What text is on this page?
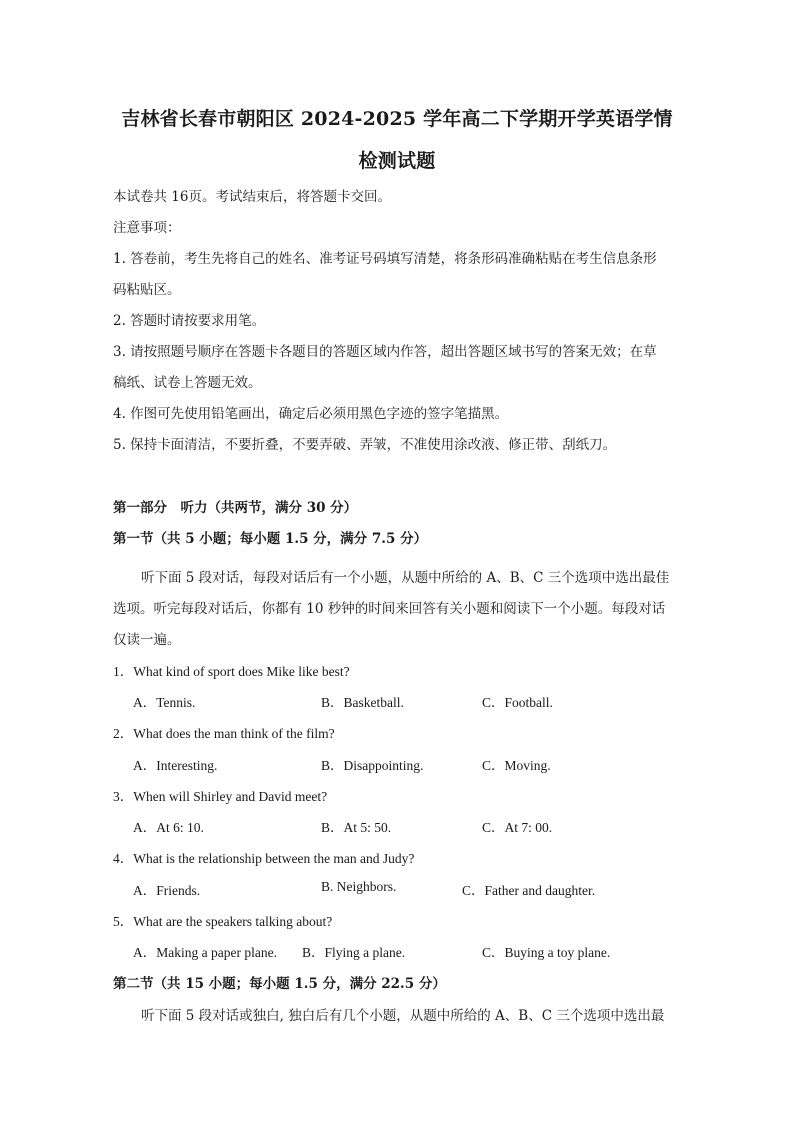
吉林省长春市朝阳区 2024-2025 学年高二下学期开学英语学情
检测试题
本试卷共 16页。考试结束后，将答题卡交回。
注意事项：
1. 答卷前，考生先将自己的姓名、准考证号码填写清楚，将条形码准确粘贴在考生信息条形
码粘贴区。
2. 答题时请按要求用笔。
3. 请按照题号顺序在答题卡各题目的答题区域内作答，超出答题区域书写的答案无效；在草
稿纸、试卷上答题无效。
4. 作图可先使用铅笔画出，确定后必须用黑色字迹的签字笔描黑。
5. 保持卡面清洁，不要折叠，不要弄破、弄皱，不准使用涂改液、修正带、刮纸刀。
第一部分　听力（共两节，满分 30 分）
第一节（共 5 小题；每小题 1.5 分，满分 7.5 分）
听下面 5 段对话，每段对话后有一个小题，从题中所给的 A、B、C 三个选项中选出最佳
选项。听完每段对话后，你都有 10 秒钟的时间来回答有关小题和阅读下一个小题。每段对话
仅读一遍。
1．What kind of sport does Mike like best?
A．Tennis.	B．Basketball.	C．Football.
2．What does the man think of the film?
A．Interesting.	B．Disappointing.	C．Moving.
3．When will Shirley and David meet?
A．At 6: 10.	B．At 5: 50.	C．At 7: 00.
4．What is the relationship between the man and Judy?
A．Friends.	B. Neighbors.	C．Father and daughter.
5．What are the speakers talking about?
A．Making a paper plane. B．Flying a plane.	C．Buying a toy plane.
第二节（共 15 小题；每小题 1.5 分，满分 22.5 分）
听下面 5 段对话或独白, 独白后有几个小题，从题中所给的 A、B、C 三个选项中选出最
